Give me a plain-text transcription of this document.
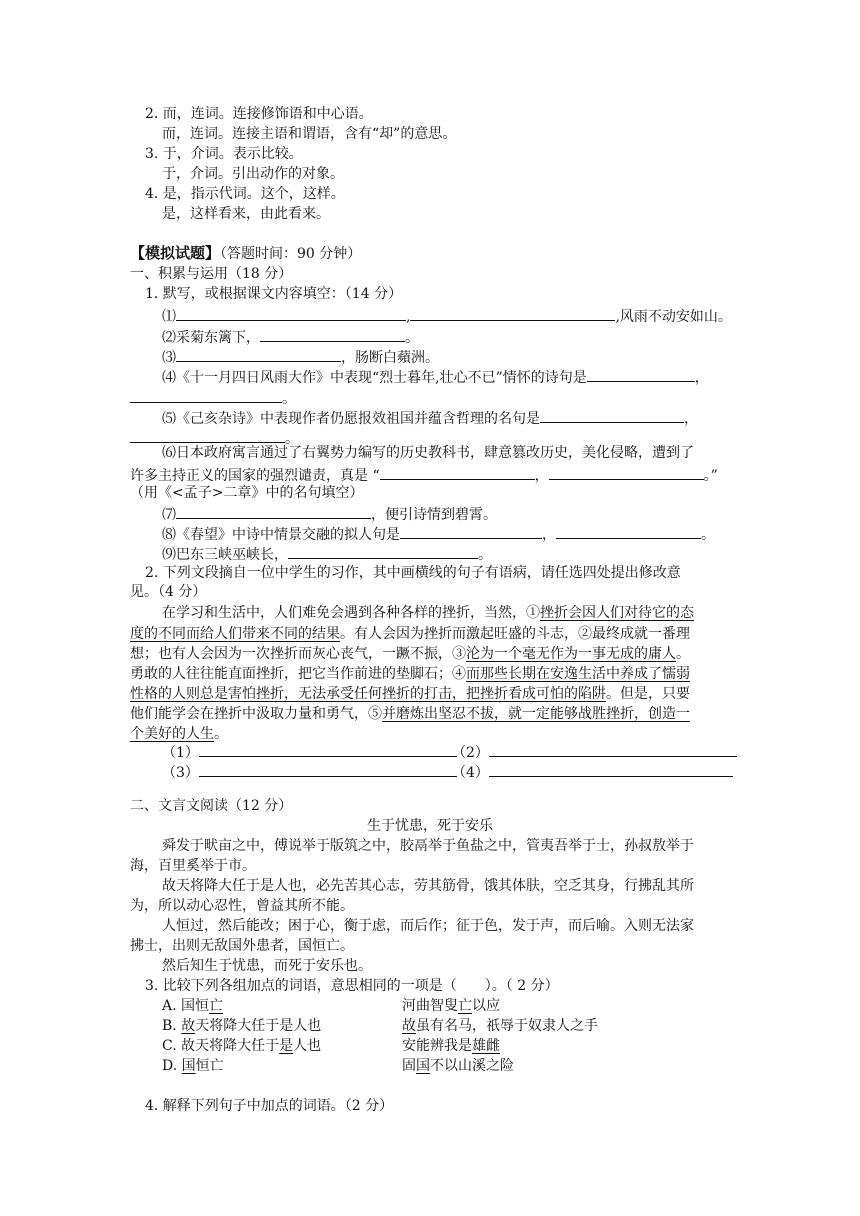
2. 而，连词。连接修饰语和中心语。
而，连词。连接主语和谓语，含有“却”的意思。
3. 于，介词。表示比较。
于，介词。引出动作的对象。
4. 是，指示代词。这个，这样。
是，这样看来，由此看来。
【模拟试题】（答题时间：90 分钟）
一、积累与运用（18 分）
1. 默写，或根据课文内容填空：（14 分）
⑴	,	,风雨不动安如山。
⑵采菊东篱下，	。
⑶	，肠断白蘋洲。
⑷《十一月四日风雨大作》中表现“烈士暮年,壮心不已”情怀的诗句是	，
。
⑸《己亥杂诗》中表现作者仍愿报效祖国并蕴含哲理的名句是	，
。
⑹日本政府寓言通过了右翼势力编写的历史教科书，肆意篡改历史，美化侵略，遭到了
许多主持正义的国家的强烈谴责，真是 “	，	。”
（用《<孟子>二章》中的名句填空）
⑺	，便引诗情到碧霄。
⑻《春望》中诗中情景交融的拟人句是	，	。
⑼巴东三峡巫峡长，	。
2. 下列文段摘自一位中学生的习作，其中画横线的句子有语病，请任选四处提出修改意
见。（4 分）
在学习和生活中，人们难免会遇到各种各样的挫折，当然，①挫折会因人们对待它的态
度的不同而给人们带来不同的结果。有人会因为挫折而激起旺盛的斗志，②最终成就一番理
想；也有人会因为一次挫折而灰心丧气，一蹶不振，③沦为一个毫无作为一事无成的庸人。
勇敢的人往往能直面挫折，把它当作前进的垫脚石；④而那些长期在安逸生活中养成了懦弱
性格的人则总是害怕挫折，无法承受任何挫折的打击，把挫折看成可怕的陷阱。但是，只要
他们能学会在挫折中汲取力量和勇气，⑤并磨炼出坚忍不拔，就一定能够战胜挫折，创造一
个美好的人生。
（1）	（2）
（3）	（4）
二、文言文阅读（12 分）
生于忧患，死于安乐
舜发于畎亩之中，傅说举于版筑之中，胶鬲举于鱼盐之中，管夷吾举于士，孙叔敖举于
海，百里奚举于市。
故天将降大任于是人也，必先苦其心志，劳其筋骨，饿其体肤，空乏其身，行拂乱其所
为，所以动心忍性，曾益其所不能。
人恒过，然后能改；困于心，衡于虑，而后作；征于色，发于声，而后喻。入则无法家
拂士，出则无敌国外患者，国恒亡。
然后知生于忧患，而死于安乐也。
3. 比较下列各组加点的词语，意思相同的一项是（　　）。（ 2 分）
A. 国恒亡	河曲智叟亡以应
B. 故天将降大任于是人也	故虽有名马，祇辱于奴隶人之手
C. 故天将降大任于是人也	安能辨我是雄雌
D. 国恒亡	固国不以山溪之险
4. 解释下列句子中加点的词语。（2 分）
